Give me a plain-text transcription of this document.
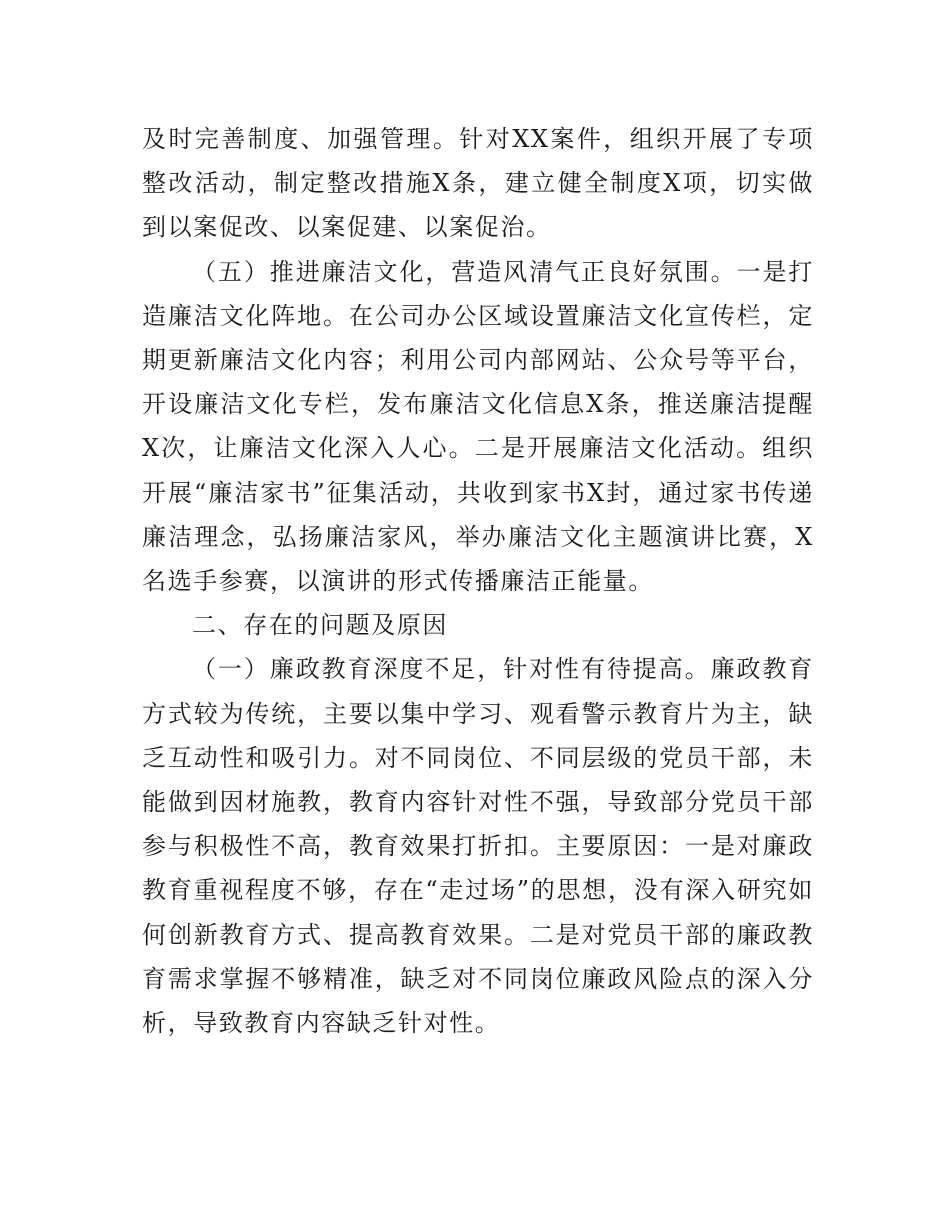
及时完善制度、加强管理。针对XX案件，组织开展了专项整改活动，制定整改措施X条，建立健全制度X项，切实做到以案促改、以案促建、以案促治。

（五）推进廉洁文化，营造风清气正良好氛围。一是打造廉洁文化阵地。在公司办公区域设置廉洁文化宣传栏，定期更新廉洁文化内容；利用公司内部网站、公众号等平台，开设廉洁文化专栏，发布廉洁文化信息X条，推送廉洁提醒X次，让廉洁文化深入人心。二是开展廉洁文化活动。组织开展“廉洁家书”征集活动，共收到家书X封，通过家书传递廉洁理念，弘扬廉洁家风，举办廉洁文化主题演讲比赛，X名选手参赛，以演讲的形式传播廉洁正能量。

二、存在的问题及原因

（一）廉政教育深度不足，针对性有待提高。廉政教育方式较为传统，主要以集中学习、观看警示教育片为主，缺乏互动性和吸引力。对不同岗位、不同层级的党员干部，未能做到因材施教，教育内容针对性不强，导致部分党员干部参与积极性不高，教育效果打折扣。主要原因：一是对廉政教育重视程度不够，存在“走过场”的思想，没有深入研究如何创新教育方式、提高教育效果。二是对党员干部的廉政教育需求掌握不够精准，缺乏对不同岗位廉政风险点的深入分析，导致教育内容缺乏针对性。
